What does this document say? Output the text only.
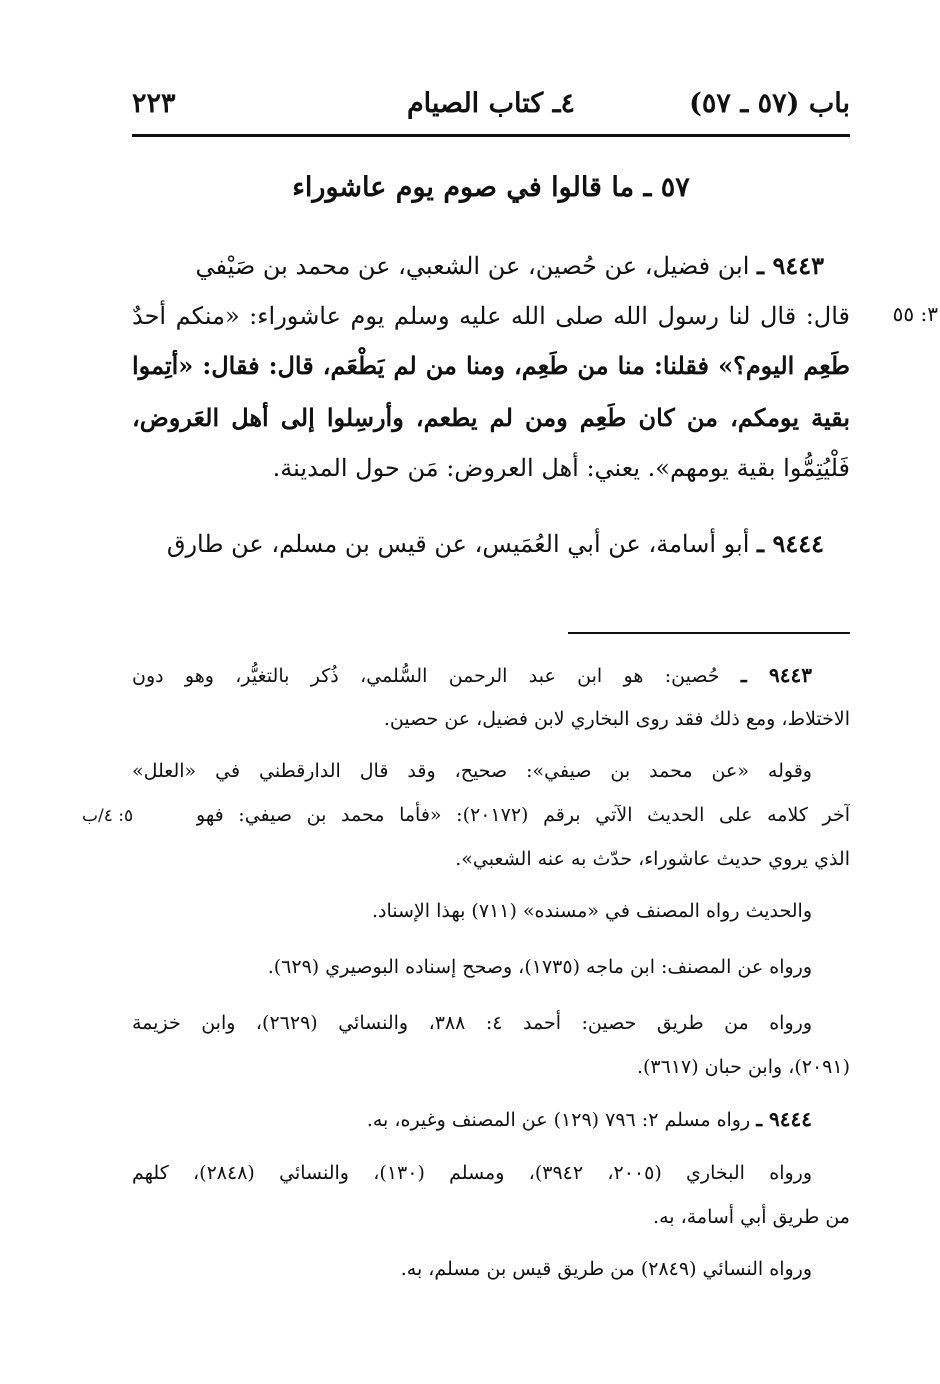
باب (٥٧ ـ ٥٧)
٤ـ كتاب الصيام
٢٢٣
٥٧ ـ ما قالوا في صوم يوم عاشوراء
٩٤٤٣ ـ ابن فضيل، عن حُصين، عن الشعبي، عن محمد بن صَيْفي
٣: ٥٥
قال: قال لنا رسول الله صلى الله عليه وسلم يوم عاشوراء: «منكم أحدٌ
طَعِم اليوم؟» فقلنا: منا من طَعِم، ومنا من لم يَطْعَم، قال: فقال: «أتِموا
بقية يومكم، من كان طَعِم ومن لم يطعم، وأرسِلوا إلى أهل العَروض،
فَلْيُتِمُّوا بقية يومهم». يعني: أهل العروض: مَن حول المدينة.
٩٤٤٤ ـ أبو أسامة، عن أبي العُمَيس، عن قيس بن مسلم، عن طارق
٩٤٤٣ ـ حُصين: هو ابن عبد الرحمن السُّلمي، ذُكر بالتغيُّر، وهو دون
الاختلاط، ومع ذلك فقد روى البخاري لابن فضيل، عن حصين.
وقوله «عن محمد بن صيفي»: صحيح، وقد قال الدارقطني في «العلل»
٥: ٤/ب	آخر كلامه على الحديث الآتي برقم (٢٠١٧٢): «فأما محمد بن صيفي: فهو
الذي يروي حديث عاشوراء، حدّث به عنه الشعبي».
والحديث رواه المصنف في «مسنده» (٧١١) بهذا الإسناد.
ورواه عن المصنف: ابن ماجه (١٧٣٥)، وصحح إسناده البوصيري (٦٢٩).
ورواه من طريق حصين: أحمد ٤: ٣٨٨، والنسائي (٢٦٢٩)، وابن خزيمة
(٢٠٩١)، وابن حبان (٣٦١٧).
٩٤٤٤ ـ رواه مسلم ٢: ٧٩٦ (١٢٩) عن المصنف وغيره، به.
ورواه البخاري (٢٠٠٥، ٣٩٤٢)، ومسلم (١٣٠)، والنسائي (٢٨٤٨)، كلهم
من طريق أبي أسامة، به.
ورواه النسائي (٢٨٤٩) من طريق قيس بن مسلم، به.
